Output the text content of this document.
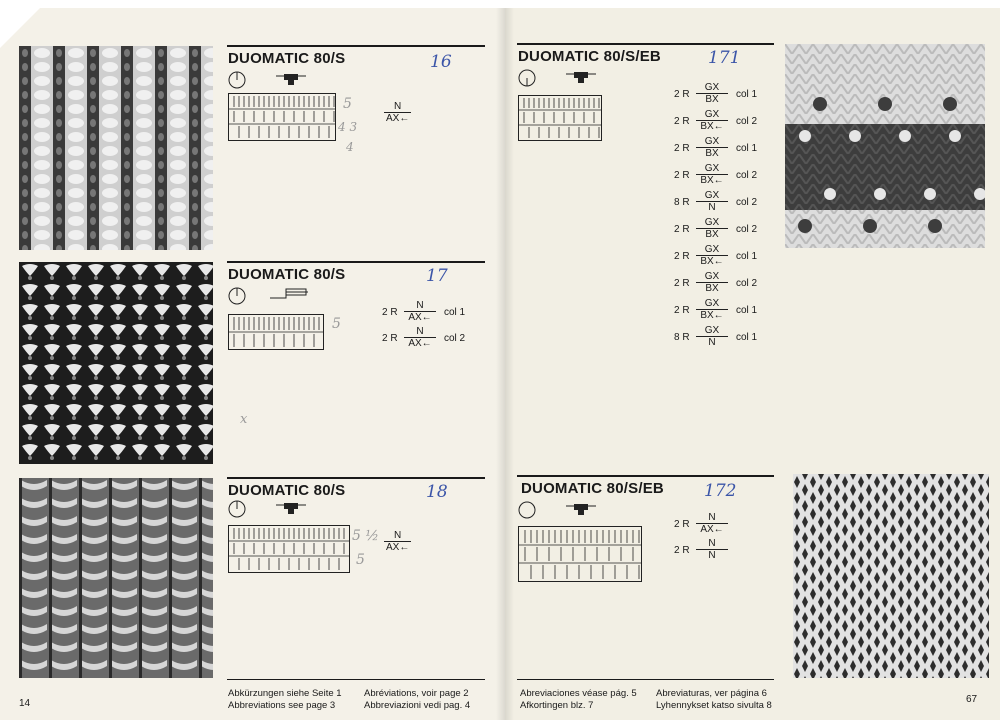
DUOMATIC 80/S	16
5
4 3
4
$\frac{N}{AX\leftarrow}$
DUOMATIC 80/S	17
5
x
2 R $\frac{N}{AX\leftarrow}$ col 1
2 R $\frac{N}{AX\leftarrow}$ col 2
DUOMATIC 80/S	18
5 ½
5
$\frac{N}{AX\leftarrow}$
14
Abkürzungen siehe Seite 1
Abbreviations see page 3
Abréviations, voir page 2
Abbreviazioni vedi pag. 4
DUOMATIC 80/S/EB	171
2 R $\frac{GX}{BX}$ col 1
2 R $\frac{GX}{BX\leftarrow}$ col 2
2 R $\frac{GX}{BX}$ col 1
2 R $\frac{GX}{BX\leftarrow}$ col 2
8 R $\frac{GX}{N}$ col 2
2 R $\frac{GX}{BX}$ col 2
2 R $\frac{GX}{BX\leftarrow}$ col 1
2 R $\frac{GX}{BX}$ col 2
2 R $\frac{GX}{BX\leftarrow}$ col 1
8 R $\frac{GX}{N}$ col 1
DUOMATIC 80/S/EB 172
2 R $\frac{N}{AX\leftarrow}$
2 R $\frac{N}{N}$
Abreviaciones véase pág. 5
Afkortingen blz. 7
Abreviaturas, ver página 6
Lyhennykset katso sivulta 8
67
